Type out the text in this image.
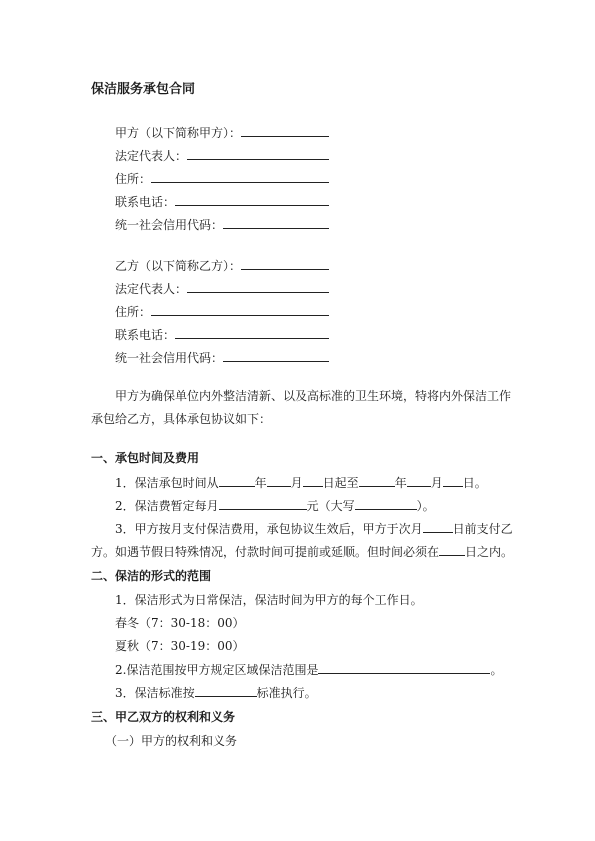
保洁服务承包合同
甲方（以下简称甲方）：
法定代表人：
住所：
联系电话：
统一社会信用代码：
乙方（以下简称乙方）：
法定代表人：
住所：
联系电话：
统一社会信用代码：
甲方为确保单位内外整洁清新、以及高标准的卫生环境，特将内外保洁工作
承包给乙方，具体承包协议如下：
一、承包时间及费用
1．保洁承包时间从	年 月 日起至	年 月 日。
2．保洁费暂定每月	元（大写	）。
3．甲方按月支付保洁费用，承包协议生效后，甲方于次月	日前支付乙
方。如遇节假日特殊情况，付款时间可提前或延顺。但时间必须在 日之内。
二、保洁的形式的范围
1．保洁形式为日常保洁，保洁时间为甲方的每个工作日。
春冬（7：30-18：00）
夏秋（7：30-19：00）
2.保洁范围按甲方规定区域保洁范围是	。
3．保洁标准按	标准执行。
三、甲乙双方的权利和义务
（一）甲方的权利和义务
